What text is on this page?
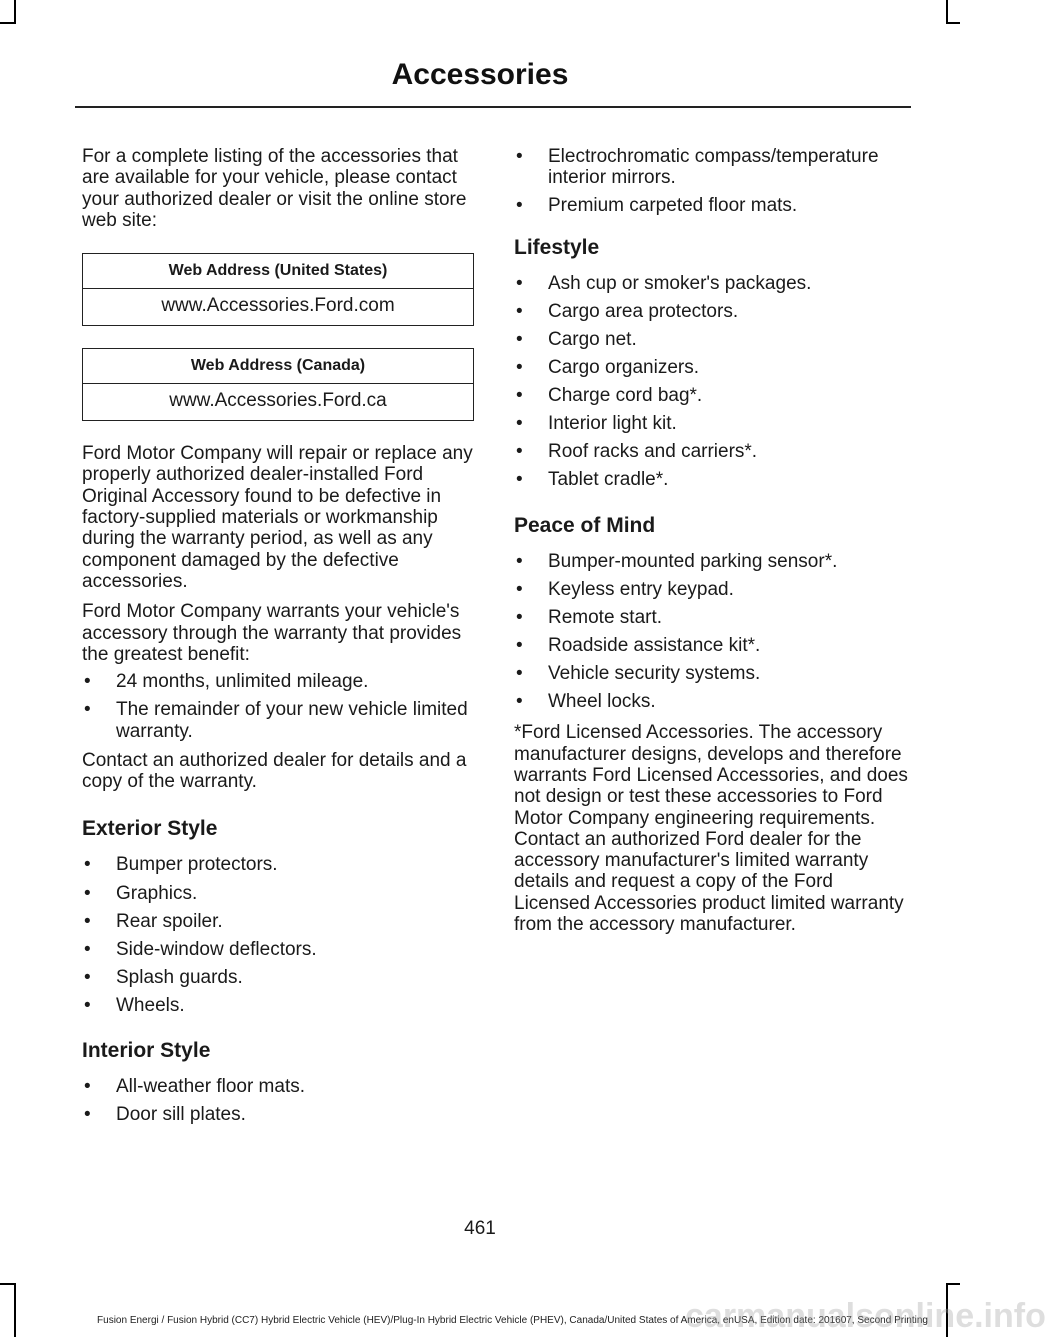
Accessories

For a complete listing of the accessories that are available for your vehicle, please contact your authorized dealer or visit the online store web site:

Web Address (United States)
www.Accessories.Ford.com
Web Address (Canada)
www.Accessories.Ford.ca

Ford Motor Company will repair or replace any properly authorized dealer-installed Ford Original Accessory found to be defective in factory-supplied materials or workmanship during the warranty period, as well as any component damaged by the defective accessories.

Ford Motor Company warrants your vehicle's accessory through the warranty that provides the greatest benefit:

• 24 months, unlimited mileage.
• The remainder of your new vehicle limited warranty.

Contact an authorized dealer for details and a copy of the warranty.

Exterior Style
• Bumper protectors.
• Graphics.
• Rear spoiler.
• Side-window deflectors.
• Splash guards.
• Wheels.
Interior Style
• All-weather floor mats.
• Door sill plates.
• Electrochromatic compass/temperature interior mirrors.
• Premium carpeted floor mats.
Lifestyle
• Ash cup or smoker's packages.
• Cargo area protectors.
• Cargo net.
• Cargo organizers.
• Charge cord bag*.
• Interior light kit.
• Roof racks and carriers*.
• Tablet cradle*.
Peace of Mind
• Bumper-mounted parking sensor*.
• Keyless entry keypad.
• Remote start.
• Roadside assistance kit*.
• Vehicle security systems.
• Wheel locks.

*Ford Licensed Accessories. The accessory manufacturer designs, develops and therefore warrants Ford Licensed Accessories, and does not design or test these accessories to Ford Motor Company engineering requirements. Contact an authorized Ford dealer for the accessory manufacturer's limited warranty details and request a copy of the Ford Licensed Accessories product limited warranty from the accessory manufacturer.

461
Fusion Energi / Fusion Hybrid (CC7) Hybrid Electric Vehicle (HEV)/Plug-In Hybrid Electric Vehicle (PHEV), Canada/United States of America, enUSA, Edition date: 201607, Second Printing
carmanualsonline.info
